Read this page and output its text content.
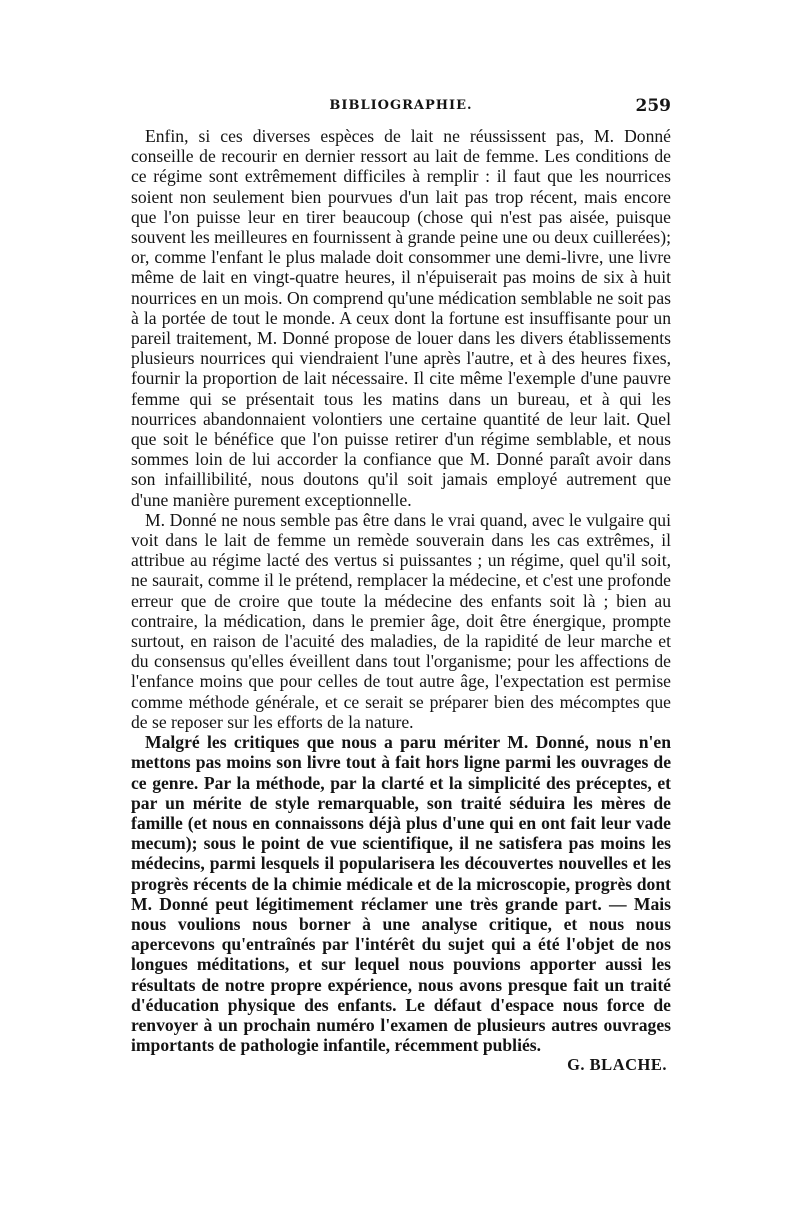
BIBLIOGRAPHIE.	259

Enfin, si ces diverses espèces de lait ne réussissent pas, M. Donné conseille de recourir en dernier ressort au lait de femme. Les conditions de ce régime sont extrêmement difficiles à remplir : il faut que les nourrices soient non seulement bien pourvues d'un lait pas trop récent, mais encore que l'on puisse leur en tirer beaucoup (chose qui n'est pas aisée, puisque souvent les meilleures en fournissent à grande peine une ou deux cuillerées); or, comme l'enfant le plus malade doit consommer une demi-livre, une livre même de lait en vingt-quatre heures, il n'épuiserait pas moins de six à huit nourrices en un mois. On comprend qu'une médication semblable ne soit pas à la portée de tout le monde. A ceux dont la fortune est insuffisante pour un pareil traitement, M. Donné propose de louer dans les divers établissements plusieurs nourrices qui viendraient l'une après l'autre, et à des heures fixes, fournir la proportion de lait nécessaire. Il cite même l'exemple d'une pauvre femme qui se présentait tous les matins dans un bureau, et à qui les nourrices abandonnaient volontiers une certaine quantité de leur lait. Quel que soit le bénéfice que l'on puisse retirer d'un régime semblable, et nous sommes loin de lui accorder la confiance que M. Donné paraît avoir dans son infaillibilité, nous doutons qu'il soit jamais employé autrement que d'une manière purement exceptionnelle.

M. Donné ne nous semble pas être dans le vrai quand, avec le vulgaire qui voit dans le lait de femme un remède souverain dans les cas extrêmes, il attribue au régime lacté des vertus si puissantes ; un régime, quel qu'il soit, ne saurait, comme il le prétend, remplacer la médecine, et c'est une profonde erreur que de croire que toute la médecine des enfants soit là ; bien au contraire, la médication, dans le premier âge, doit être énergique, prompte surtout, en raison de l'acuité des maladies, de la rapidité de leur marche et du consensus qu'elles éveillent dans tout l'organisme; pour les affections de l'enfance moins que pour celles de tout autre âge, l'expectation est permise comme méthode générale, et ce serait se préparer bien des mécomptes que de se reposer sur les efforts de la nature.

Malgré les critiques que nous a paru mériter M. Donné, nous n'en mettons pas moins son livre tout à fait hors ligne parmi les ouvrages de ce genre. Par la méthode, par la clarté et la simplicité des préceptes, et par un mérite de style remarquable, son traité séduira les mères de famille (et nous en connaissons déjà plus d'une qui en ont fait leur vade mecum); sous le point de vue scientifique, il ne satisfera pas moins les médecins, parmi lesquels il popularisera les découvertes nouvelles et les progrès récents de la chimie médicale et de la microscopie, progrès dont M. Donné peut légitimement réclamer une très grande part. — Mais nous voulions nous borner à une analyse critique, et nous nous apercevons qu'entraînés par l'intérêt du sujet qui a été l'objet de nos longues méditations, et sur lequel nous pouvions apporter aussi les résultats de notre propre expérience, nous avons presque fait un traité d'éducation physique des enfants. Le défaut d'espace nous force de renvoyer à un prochain numéro l'examen de plusieurs autres ouvrages importants de pathologie infantile, récemment publiés.

G. BLACHE.
